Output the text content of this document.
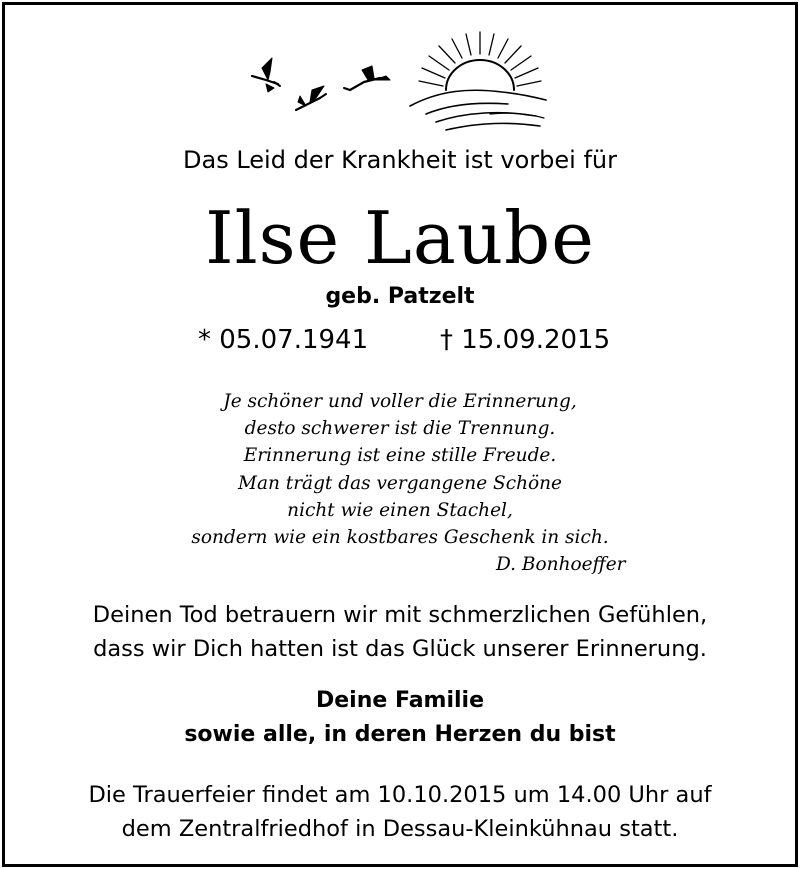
Das Leid der Krankheit ist vorbei für
Ilse Laube
geb. Patzelt
* 05.07.1941	† 15.09.2015
Je schöner und voller die Erinnerung,
desto schwerer ist die Trennung.
Erinnerung ist eine stille Freude.
Man trägt das vergangene Schöne
nicht wie einen Stachel,
sondern wie ein kostbares Geschenk in sich.
D. Bonhoeffer
Deinen Tod betrauern wir mit schmerzlichen Gefühlen,
dass wir Dich hatten ist das Glück unserer Erinnerung.
Deine Familie
sowie alle, in deren Herzen du bist
Die Trauerfeier findet am 10.10.2015 um 14.00 Uhr auf
dem Zentralfriedhof in Dessau-Kleinkühnau statt.
